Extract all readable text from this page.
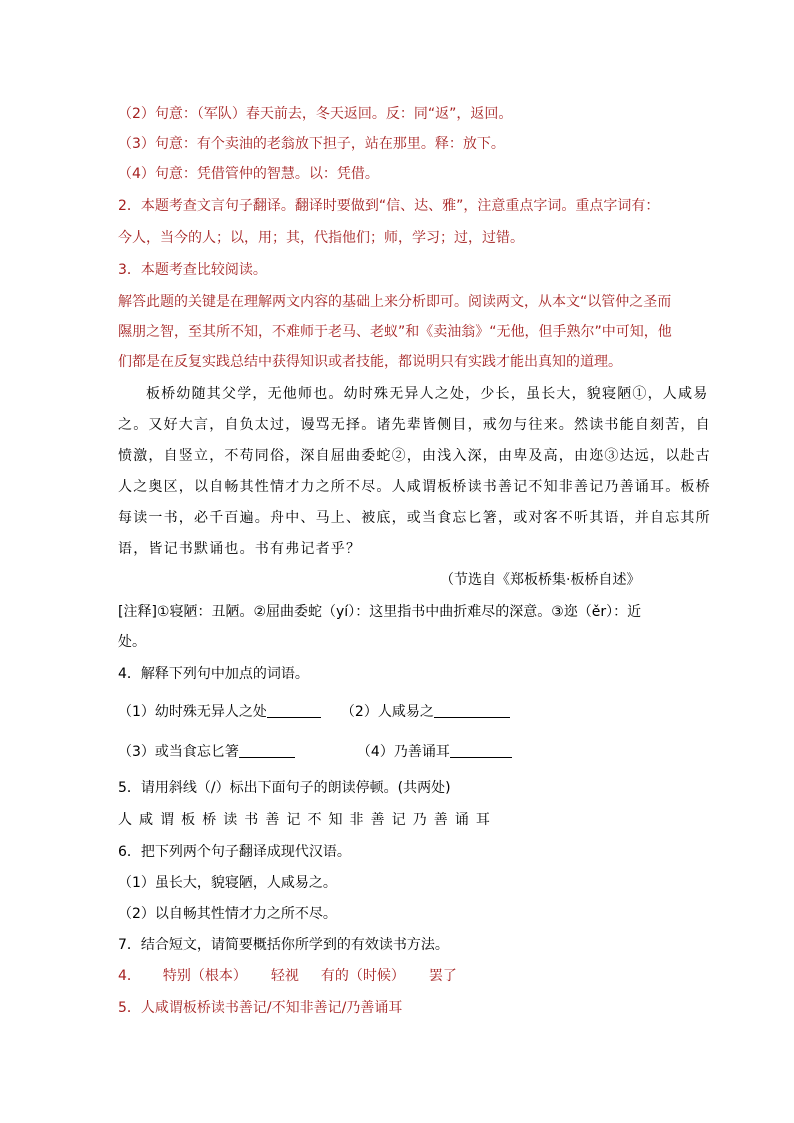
（2）句意：（军队）春天前去，冬天返回。反：同“返”，返回。
（3）句意：有个卖油的老翁放下担子，站在那里。释：放下。
（4）句意：凭借管仲的智慧。以：凭借。
2．本题考查文言句子翻译。翻译时要做到“信、达、雅”，注意重点字词。重点字词有：
今人，当今的人；以，用；其，代指他们；师，学习；过，过错。
3．本题考查比较阅读。
解答此题的关键是在理解两文内容的基础上来分析即可。阅读两文，从本文“以管仲之圣而
隰朋之智，至其所不知，不难师于老马、老蚁”和《卖油翁》“无他，但手熟尔”中可知，他
们都是在反复实践总结中获得知识或者技能，都说明只有实践才能出真知的道理。
板桥幼随其父学，无他师也。幼时殊无异人之处，少长，虽长大，貌寝陋①，人咸易
之。又好大言，自负太过，谩骂无择。诸先辈皆侧目，戒勿与往来。然读书能自刻苦，自
愤激，自竖立，不苟同俗，深自屈曲委蛇②，由浅入深，由卑及高，由迩③达远，以赴古
人之奥区，以自畅其性情才力之所不尽。人咸谓板桥读书善记不知非善记乃善诵耳。板桥
每读一书，必千百遍。舟中、马上、被底，或当食忘匕箸，或对客不听其语，并自忘其所
语，皆记书默诵也。书有弗记者乎？
（节选自《郑板桥集·板桥自述》
[注释]①寝陋：丑陋。②屈曲委蛇（yí）：这里指书中曲折难尽的深意。③迩（ěr）：近
处。
4．解释下列句中加点的词语。
（1）幼时殊无异人之处	（2）人咸易之
（3）或当食忘匕箸	（4）乃善诵耳
5．请用斜线（/）标出下面句子的朗读停顿。(共两处)
人 咸 谓 板 桥 读 书 善 记 不 知 非 善 记 乃 善 诵 耳
6．把下列两个句子翻译成现代汉语。
（1）虽长大，貌寝陋，人咸易之。
（2）以自畅其性情才力之所不尽。
7．结合短文，请简要概括你所学到的有效读书方法。
4． 特别（根本） 轻视 有的（时候） 罢了
5．人咸谓板桥读书善记/不知非善记/乃善诵耳
